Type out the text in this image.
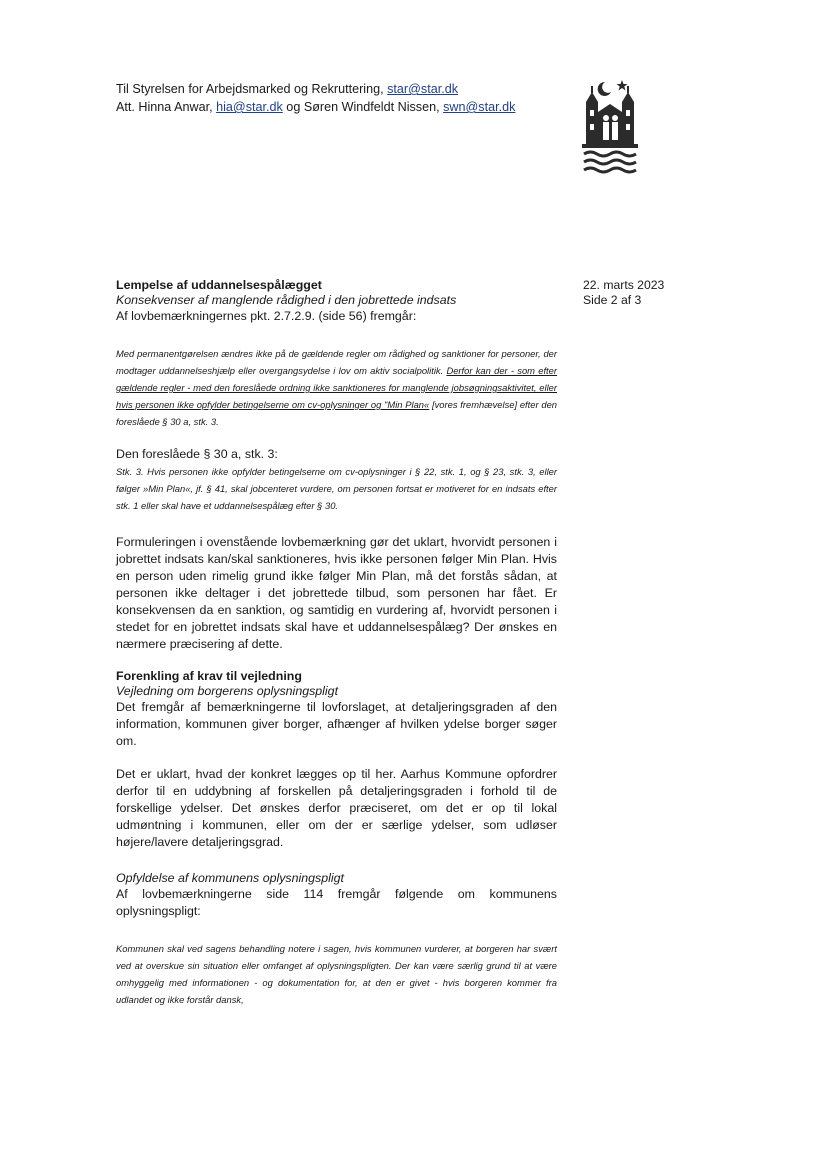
Til Styrelsen for Arbejdsmarked og Rekruttering, star@star.dk
Att. Hinna Anwar, hia@star.dk og Søren Windfeldt Nissen, swn@star.dk
22. marts 2023
Side 2 af 3

Lempelse af uddannelsespålægget

Konsekvenser af manglende rådighed i den jobrettede indsats

Af lovbemærkningernes pkt. 2.7.2.9. (side 56) fremgår:

Med permanentgørelsen ændres ikke på de gældende regler om rådighed og sanktioner for personer, der modtager uddannelseshjælp eller overgangsydelse i lov om aktiv socialpolitik. Derfor kan der - som efter gældende regler - med den foreslåede ordning ikke sanktioneres for manglende jobsøgningsaktivitet, eller hvis personen ikke opfylder betingelserne om cv-oplysninger og "Min Plan« [vores fremhævelse] efter den foreslåede § 30 a, stk. 3.

Den foreslåede § 30 a, stk. 3:

Stk. 3. Hvis personen ikke opfylder betingelserne om cv-oplysninger i § 22, stk. 1, og § 23, stk. 3, eller følger »Min Plan«, jf. § 41, skal jobcenteret vurdere, om personen fortsat er motiveret for en indsats efter stk. 1 eller skal have et uddannelsespålæg efter § 30.

Formuleringen i ovenstående lovbemærkning gør det uklart, hvorvidt personen i jobrettet indsats kan/skal sanktioneres, hvis ikke personen følger Min Plan. Hvis en person uden rimelig grund ikke følger Min Plan, må det forstås sådan, at personen ikke deltager i det jobrettede tilbud, som personen har fået. Er konsekvensen da en sanktion, og samtidig en vurdering af, hvorvidt personen i stedet for en jobrettet indsats skal have et uddannelsespålæg? Der ønskes en nærmere præcisering af dette.

Forenkling af krav til vejledning

Vejledning om borgerens oplysningspligt

Det fremgår af bemærkningerne til lovforslaget, at detaljeringsgraden af den information, kommunen giver borger, afhænger af hvilken ydelse borger søger om.

Det er uklart, hvad der konkret lægges op til her. Aarhus Kommune opfordrer derfor til en uddybning af forskellen på detaljeringsgraden i forhold til de forskellige ydelser. Det ønskes derfor præciseret, om det er op til lokal udmøntning i kommunen, eller om der er særlige ydelser, som udløser højere/lavere detaljeringsgrad.

Opfyldelse af kommunens oplysningspligt

Af lovbemærkningerne side 114 fremgår følgende om kommunens oplysningspligt:

Kommunen skal ved sagens behandling notere i sagen, hvis kommunen vurderer, at borgeren har svært ved at overskue sin situation eller omfanget af oplysningspligten. Der kan være særlig grund til at være omhyggelig med informationen - og dokumentation for, at den er givet - hvis borgeren kommer fra udlandet og ikke forstår dansk,
